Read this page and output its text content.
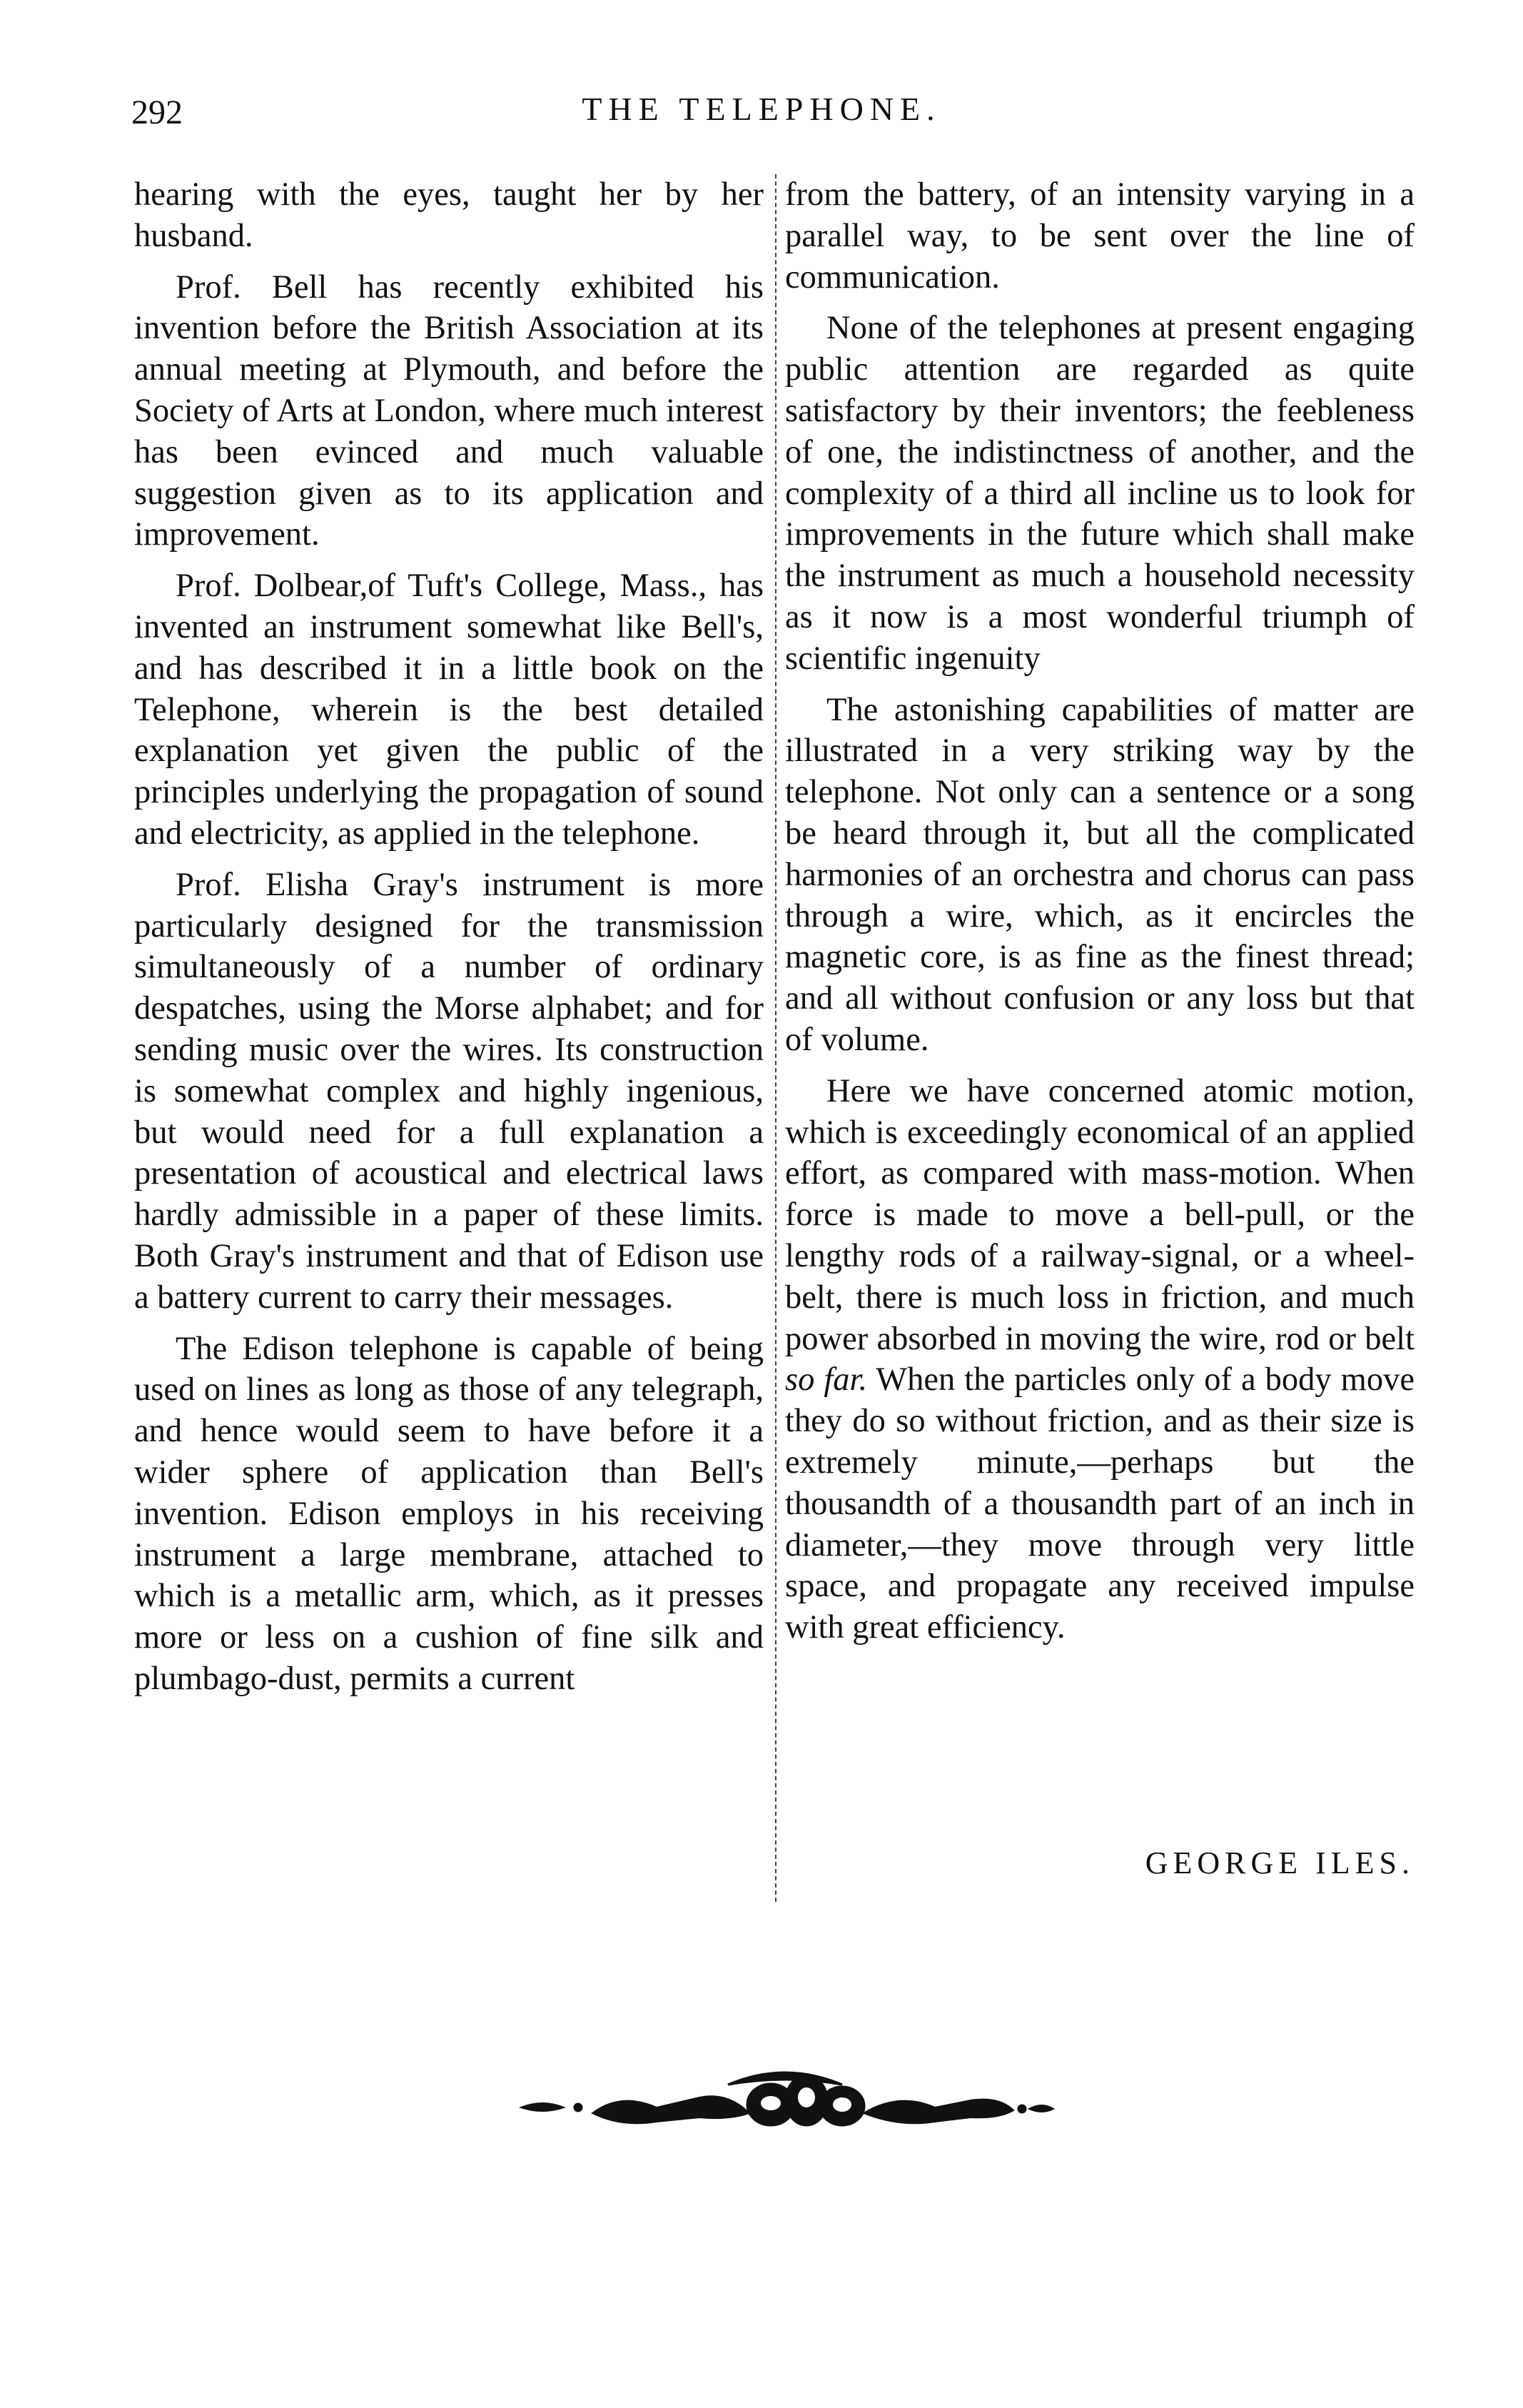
292	THE TELEPHONE.

hearing with the eyes, taught her by her husband.

Prof. Bell has recently exhibited his invention before the British Association at its annual meeting at Plymouth, and before the Society of Arts at London, where much interest has been evinced and much valuable suggestion given as to its application and improvement.

Prof. Dolbear,of Tuft's College, Mass., has invented an instrument somewhat like Bell's, and has described it in a little book on the Telephone, wherein is the best detailed explanation yet given the public of the principles underlying the propagation of sound and electricity, as applied in the telephone.

Prof. Elisha Gray's instrument is more particularly designed for the transmission simultaneously of a number of ordinary despatches, using the Morse alphabet; and for sending music over the wires. Its construction is somewhat complex and highly ingenious, but would need for a full explanation a presentation of acoustical and electrical laws hardly admissible in a paper of these limits. Both Gray's instrument and that of Edison use a battery current to carry their messages.

The Edison telephone is capable of being used on lines as long as those of any telegraph, and hence would seem to have before it a wider sphere of application than Bell's invention. Edison employs in his receiving instrument a large membrane, attached to which is a metallic arm, which, as it presses more or less on a cushion of fine silk and plumbago-dust, permits a current

from the battery, of an intensity varying in a parallel way, to be sent over the line of communication.

None of the telephones at present engaging public attention are regarded as quite satisfactory by their inventors; the feebleness of one, the indistinctness of another, and the complexity of a third all incline us to look for improvements in the future which shall make the instrument as much a household necessity as it now is a most wonderful triumph of scientific ingenuity

The astonishing capabilities of matter are illustrated in a very striking way by the telephone. Not only can a sentence or a song be heard through it, but all the complicated harmonies of an orchestra and chorus can pass through a wire, which, as it encircles the magnetic core, is as fine as the finest thread; and all without confusion or any loss but that of volume.

Here we have concerned atomic motion, which is exceedingly economical of an applied effort, as compared with mass-motion. When force is made to move a bell-pull, or the lengthy rods of a railway-signal, or a wheel-belt, there is much loss in friction, and much power absorbed in moving the wire, rod or belt so far. When the particles only of a body move they do so without friction, and as their size is extremely minute,—perhaps but the thousandth of a thousandth part of an inch in diameter,—they move through very little space, and propagate any received impulse with great efficiency.

GEORGE ILES.
